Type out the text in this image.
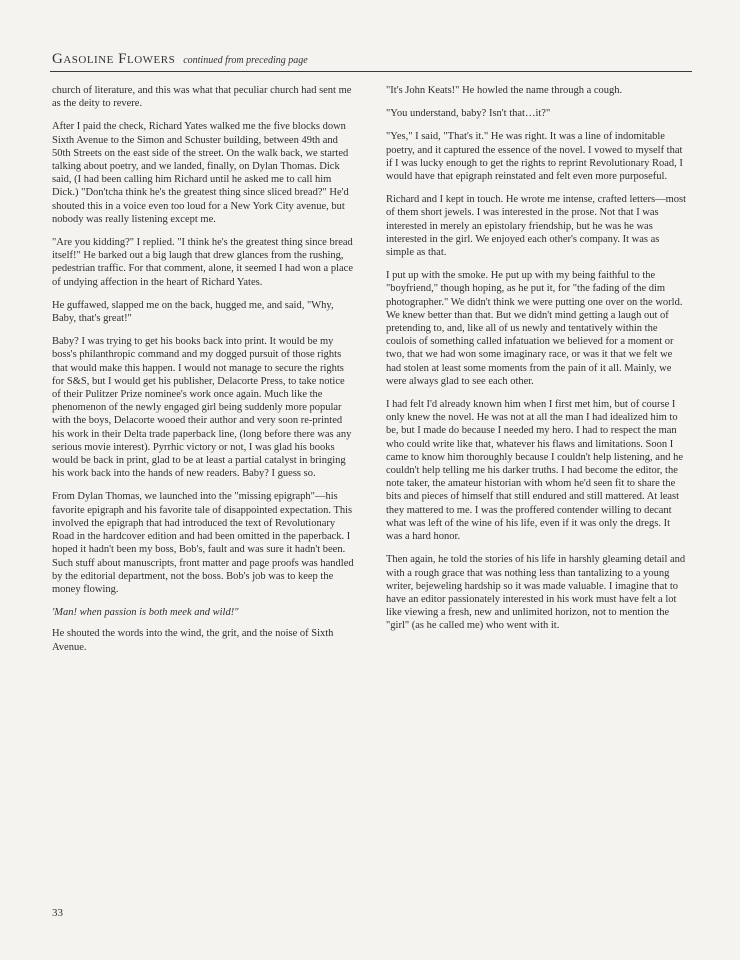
Gasoline Flowers continued from preceding page

church of literature, and this was what that peculiar church had sent me as the deity to revere.

After I paid the check, Richard Yates walked me the five blocks down Sixth Avenue to the Simon and Schuster building, between 49th and 50th Streets on the east side of the street. On the walk back, we started talking about poetry, and we landed, finally, on Dylan Thomas. Dick said, (I had been calling him Richard until he asked me to call him Dick.) "Don'tcha think he's the greatest thing since sliced bread?" He'd shouted this in a voice even too loud for a New York City avenue, but nobody was really listening except me.

"Are you kidding?" I replied. "I think he's the greatest thing since bread itself!" He barked out a big laugh that drew glances from the rushing, pedestrian traffic. For that comment, alone, it seemed I had won a place of undying affection in the heart of Richard Yates.

He guffawed, slapped me on the back, hugged me, and said, "Why, Baby, that's great!"

Baby? I was trying to get his books back into print. It would be my boss's philanthropic command and my dogged pursuit of those rights that would make this happen. I would not manage to secure the rights for S&S, but I would get his publisher, Delacorte Press, to take notice of their Pulitzer Prize nominee's work once again. Much like the phenomenon of the newly engaged girl being suddenly more popular with the boys, Delacorte wooed their author and very soon re-printed his work in their Delta trade paperback line, (long before there was any serious movie interest). Pyrrhic victory or not, I was glad his books would be back in print, glad to be at least a partial catalyst in bringing his work back into the hands of new readers. Baby? I guess so.

From Dylan Thomas, we launched into the "missing epigraph"—his favorite epigraph and his favorite tale of disappointed expectation. This involved the epigraph that had introduced the text of Revolutionary Road in the hardcover edition and had been omitted in the paperback. I hoped it hadn't been my boss, Bob's, fault and was sure it hadn't been. Such stuff about manuscripts, front matter and page proofs was handled by the editorial department, not the boss. Bob's job was to keep the money flowing.

'Man! when passion is both meek and wild!"

He shouted the words into the wind, the grit, and the noise of Sixth Avenue.

"It's John Keats!" He howled the name through a cough.

"You understand, baby? Isn't that…it?"

"Yes," I said, "That's it." He was right. It was a line of indomitable poetry, and it captured the essence of the novel. I vowed to myself that if I was lucky enough to get the rights to reprint Revolutionary Road, I would have that epigraph reinstated and felt even more purposeful.

Richard and I kept in touch. He wrote me intense, crafted letters—most of them short jewels. I was interested in the prose. Not that I was interested in merely an epistolary friendship, but he was he was interested in the girl. We enjoyed each other's company. It was as simple as that.

I put up with the smoke. He put up with my being faithful to the "boyfriend," though hoping, as he put it, for "the fading of the dim photographer." We didn't think we were putting one over on the world. We knew better than that. But we didn't mind getting a laugh out of pretending to, and, like all of us newly and tentatively within the coulois of something called infatuation we believed for a moment or two, that we had won some imaginary race, or was it that we felt we had stolen at least some moments from the pain of it all. Mainly, we were always glad to see each other.

I had felt I'd already known him when I first met him, but of course I only knew the novel. He was not at all the man I had idealized him to be, but I made do because I needed my hero. I had to respect the man who could write like that, whatever his flaws and limitations. Soon I came to know him thoroughly because I couldn't help listening, and he couldn't help telling me his darker truths. I had become the editor, the note taker, the amateur historian with whom he'd seen fit to share the bits and pieces of himself that still endured and still mattered. At least they mattered to me. I was the proffered contender willing to decant what was left of the wine of his life, even if it was only the dregs. It was a hard honor.

Then again, he told the stories of his life in harshly gleaming detail and with a rough grace that was nothing less than tantalizing to a young writer, bejeweling hardship so it was made valuable. I imagine that to have an editor passionately interested in his work must have felt a lot like viewing a fresh, new and unlimited horizon, not to mention the "girl" (as he called me) who went with it.

33
